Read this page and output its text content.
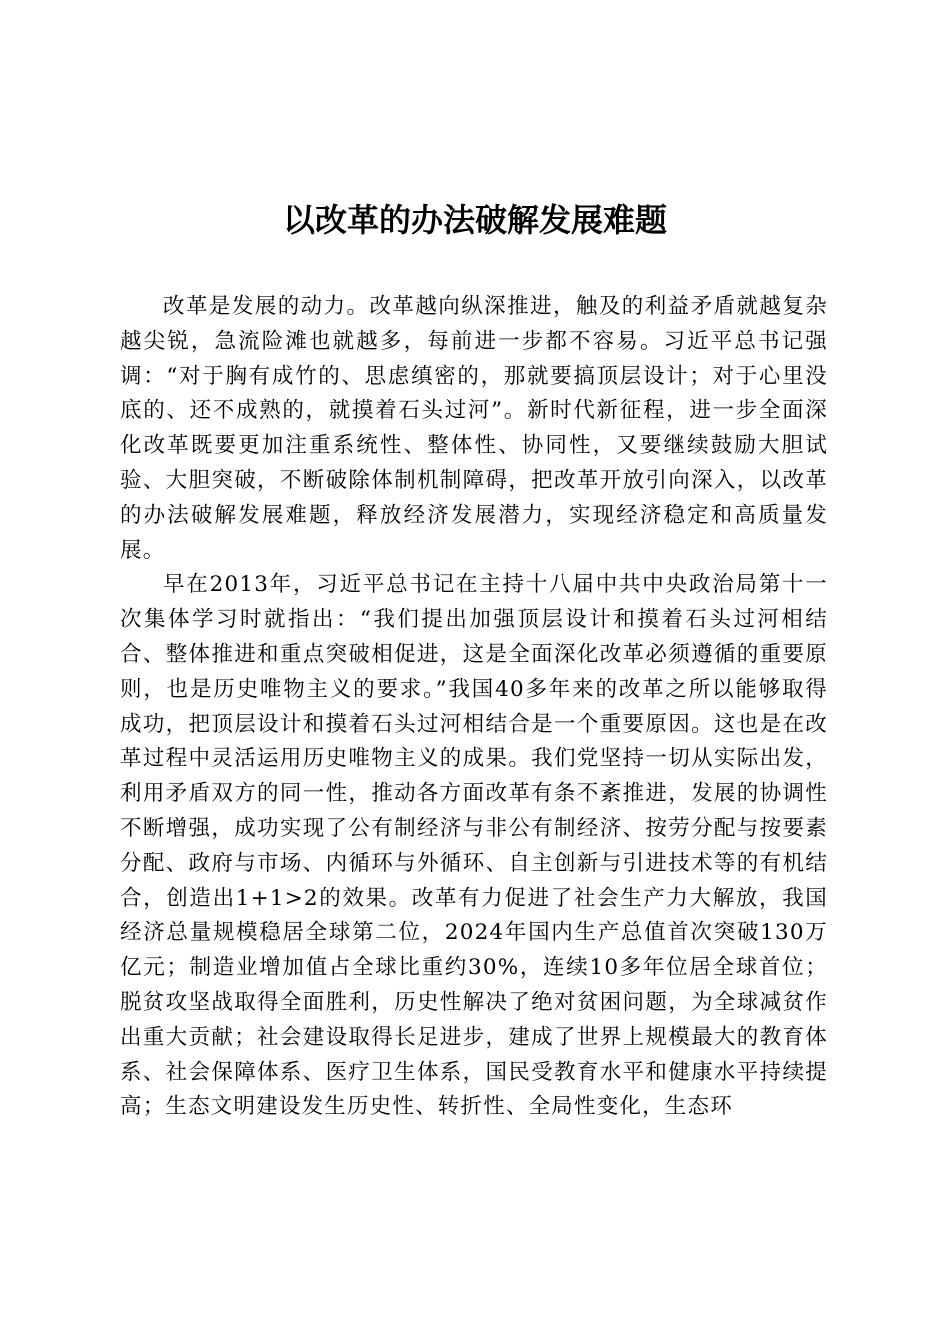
以改革的办法破解发展难题

改革是发展的动力。改革越向纵深推进，触及的利益矛盾就越复杂越尖锐，急流险滩也就越多，每前进一步都不容易。习近平总书记强调：“对于胸有成竹的、思虑缜密的，那就要搞顶层设计；对于心里没底的、还不成熟的，就摸着石头过河”。新时代新征程，进一步全面深化改革既要更加注重系统性、整体性、协同性，又要继续鼓励大胆试验、大胆突破，不断破除体制机制障碍，把改革开放引向深入，以改革的办法破解发展难题，释放经济发展潜力，实现经济稳定和高质量发展。

早在2013年，习近平总书记在主持十八届中共中央政治局第十一次集体学习时就指出：“我们提出加强顶层设计和摸着石头过河相结合、整体推进和重点突破相促进，这是全面深化改革必须遵循的重要原则，也是历史唯物主义的要求。”我国40多年来的改革之所以能够取得成功，把顶层设计和摸着石头过河相结合是一个重要原因。这也是在改革过程中灵活运用历史唯物主义的成果。我们党坚持一切从实际出发，利用矛盾双方的同一性，推动各方面改革有条不紊推进，发展的协调性不断增强，成功实现了公有制经济与非公有制经济、按劳分配与按要素分配、政府与市场、内循环与外循环、自主创新与引进技术等的有机结合，创造出1+1>2的效果。改革有力促进了社会生产力大解放，我国经济总量规模稳居全球第二位，2024年国内生产总值首次突破130万亿元；制造业增加值占全球比重约30%，连续10多年位居全球首位；脱贫攻坚战取得全面胜利，历史性解决了绝对贫困问题，为全球减贫作出重大贡献；社会建设取得长足进步，建成了世界上规模最大的教育体系、社会保障体系、医疗卫生体系，国民受教育水平和健康水平持续提高；生态文明建设发生历史性、转折性、全局性变化，生态环
